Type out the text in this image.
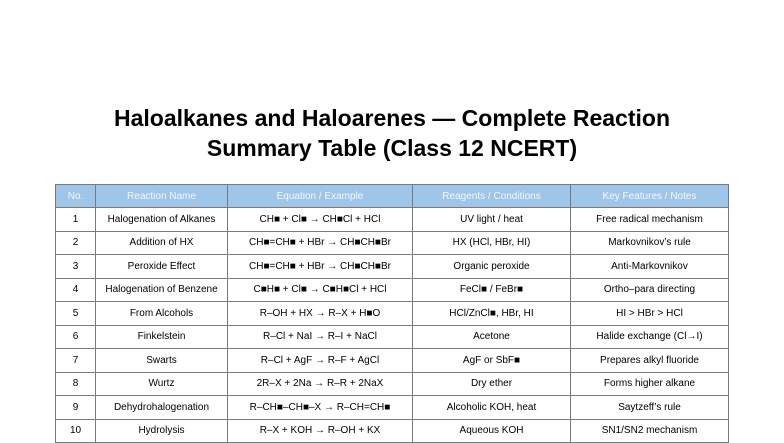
Haloalkanes and Haloarenes — Complete Reaction
Summary Table (Class 12 NCERT)
No.	Reaction Name	Equation / Example	Reagents / Conditions	Key Features / Notes
1	Halogenation of Alkanes	CH■ + Cl■ → CH■Cl + HCl	UV light / heat	Free radical mechanism
2	Addition of HX	CH■=CH■ + HBr → CH■CH■Br	HX (HCl, HBr, HI)	Markovnikov’s rule
3	Peroxide Effect	CH■=CH■ + HBr → CH■CH■Br	Organic peroxide	Anti-Markovnikov
4	Halogenation of Benzene	C■H■ + Cl■ → C■H■Cl + HCl	FeCl■ / FeBr■	Ortho–para directing
5	From Alcohols	R–OH + HX → R–X + H■O	HCl/ZnCl■, HBr, HI	HI > HBr > HCl
6	Finkelstein	R–Cl + NaI → R–I + NaCl	Acetone	Halide exchange (Cl→I)
7	Swarts	R–Cl + AgF → R–F + AgCl	AgF or SbF■	Prepares alkyl fluoride
8	Wurtz	2R–X + 2Na → R–R + 2NaX	Dry ether	Forms higher alkane
9	Dehydrohalogenation	R–CH■–CH■–X → R–CH=CH■	Alcoholic KOH, heat	Saytzeff’s rule
10	Hydrolysis	R–X + KOH → R–OH + KX	Aqueous KOH	SN1/SN2 mechanism
